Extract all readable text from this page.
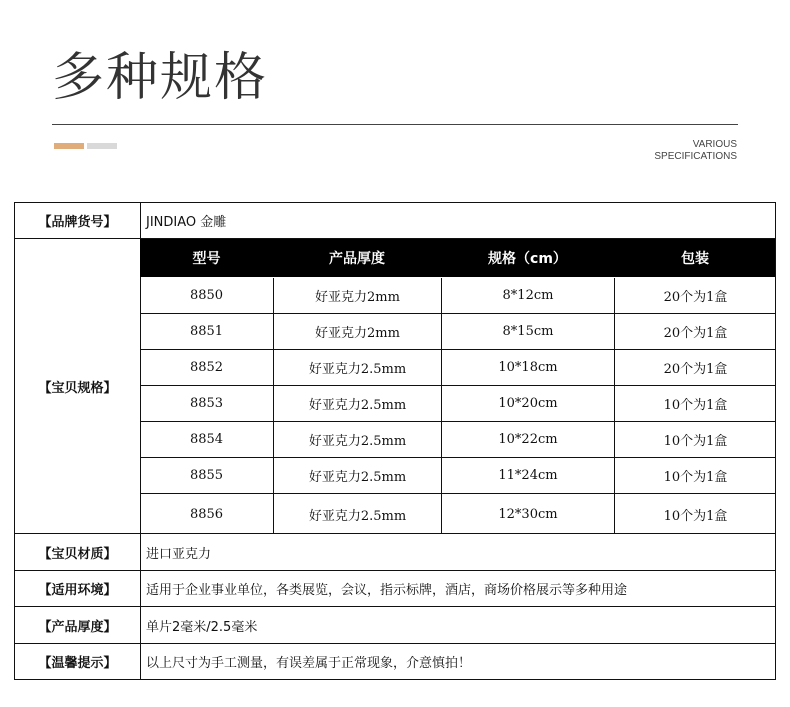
多种规格
VARIOUS
SPECIFICATIONS
【品牌货号】	JINDIAO 金雕
【宝贝规格】
型号	产品厚度	规格（cm）	包装
8850	好亚克力2mm	8*12cm	20个为1盒
8851	好亚克力2mm	8*15cm	20个为1盒
8852	好亚克力2.5mm	10*18cm	20个为1盒
8853	好亚克力2.5mm	10*20cm	10个为1盒
8854	好亚克力2.5mm	10*22cm	10个为1盒
8855	好亚克力2.5mm	11*24cm	10个为1盒
8856	好亚克力2.5mm	12*30cm	10个为1盒
【宝贝材质】	进口亚克力
【适用环境】	适用于企业事业单位，各类展览，会议，指示标牌，酒店，商场价格展示等多种用途
【产品厚度】	单片2毫米/2.5毫米
【温馨提示】	以上尺寸为手工测量，有误差属于正常现象，介意慎拍！
